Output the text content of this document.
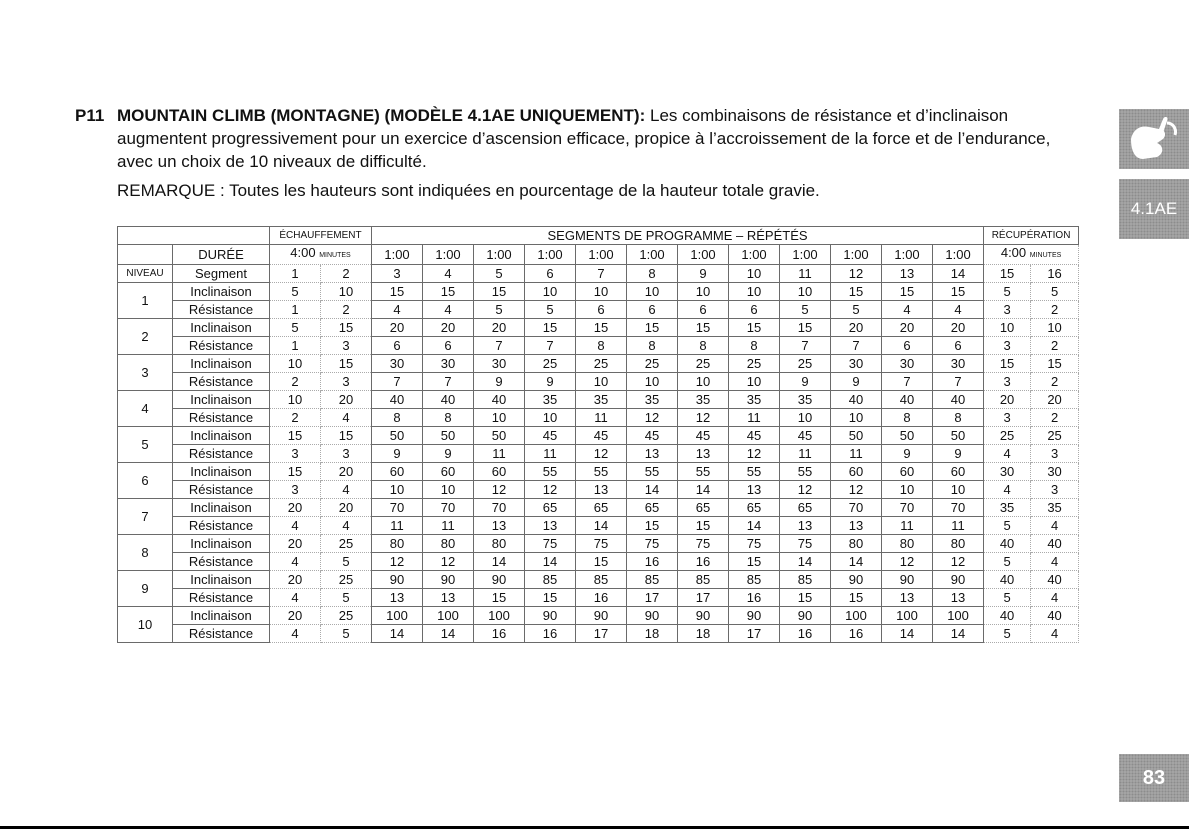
P11 MOUNTAIN CLIMB (MONTAGNE) (MODÈLE 4.1AE UNIQUEMENT): Les combinaisons de résistance et d’inclinaison augmentent progressivement pour un exercice d’ascension efficace, propice à l’accroissement de la force et de l’endurance, avec un choix de 10 niveaux de difficulté.
REMARQUE : Toutes les hauteurs sont indiquées en pourcentage de la hauteur totale gravie.
		ÉCHAUFFEMENT		SEGMENTS DE PROGRAMME – RÉPÉTÉS												RÉCUPÉRATION	
	DURÉE	4:00 MINUTES		1:00	1:00	1:00	1:00	1:00	1:00	1:00	1:00	1:00	1:00	1:00	1:00	4:00 MINUTES	
NIVEAU	Segment	1	2	3	4	5	6	7	8	9	10	11	12	13	14	15	16
1	Inclinaison	5	10	15	15	15	10	10	10	10	10	10	15	15	15	5	5
	Résistance	1	2	4	4	5	5	6	6	6	6	5	5	4	4	3	2
2	Inclinaison	5	15	20	20	20	15	15	15	15	15	15	20	20	20	10	10
	Résistance	1	3	6	6	7	7	8	8	8	8	7	7	6	6	3	2
3	Inclinaison	10	15	30	30	30	25	25	25	25	25	25	30	30	30	15	15
	Résistance	2	3	7	7	9	9	10	10	10	10	9	9	7	7	3	2
4	Inclinaison	10	20	40	40	40	35	35	35	35	35	35	40	40	40	20	20
	Résistance	2	4	8	8	10	10	11	12	12	11	10	10	8	8	3	2
5	Inclinaison	15	15	50	50	50	45	45	45	45	45	45	50	50	50	25	25
	Résistance	3	3	9	9	11	11	12	13	13	12	11	11	9	9	4	3
6	Inclinaison	15	20	60	60	60	55	55	55	55	55	55	60	60	60	30	30
	Résistance	3	4	10	10	12	12	13	14	14	13	12	12	10	10	4	3
7	Inclinaison	20	20	70	70	70	65	65	65	65	65	65	70	70	70	35	35
	Résistance	4	4	11	11	13	13	14	15	15	14	13	13	11	11	5	4
8	Inclinaison	20	25	80	80	80	75	75	75	75	75	75	80	80	80	40	40
	Résistance	4	5	12	12	14	14	15	16	16	15	14	14	12	12	5	4
9	Inclinaison	20	25	90	90	90	85	85	85	85	85	85	90	90	90	40	40
	Résistance	4	5	13	13	15	15	16	17	17	16	15	15	13	13	5	4
10	Inclinaison	20	25	100	100	100	90	90	90	90	90	90	100	100	100	40	40
	Résistance	4	5	14	14	16	16	17	18	18	17	16	16	14	14	5	4
4.1AE
83
